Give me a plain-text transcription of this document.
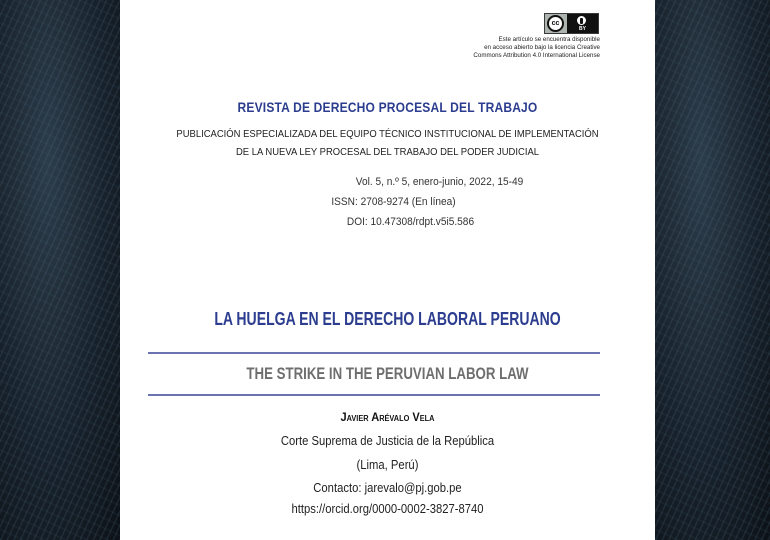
cc
BY
Este artículo se encuentra disponible
en acceso abierto bajo la licencia Creative
Commons Attribution 4.0 International License
REVISTA DE DERECHO PROCESAL DEL TRABAJO
PUBLICACIÓN ESPECIALIZADA DEL EQUIPO TÉCNICO INSTITUCIONAL DE IMPLEMENTACIÓN
DE LA NUEVA LEY PROCESAL DEL TRABAJO DEL PODER JUDICIAL
Vol. 5, n.º 5, enero-junio, 2022, 15-49
ISSN: 2708-9274 (En línea)
DOI: 10.47308/rdpt.v5i5.586
LA HUELGA EN EL DERECHO LABORAL PERUANO
THE STRIKE IN THE PERUVIAN LABOR LAW
Javier Arévalo Vela
Corte Suprema de Justicia de la República
(Lima, Perú)
Contacto: jarevalo@pj.gob.pe
https://orcid.org/0000-0002-3827-8740
